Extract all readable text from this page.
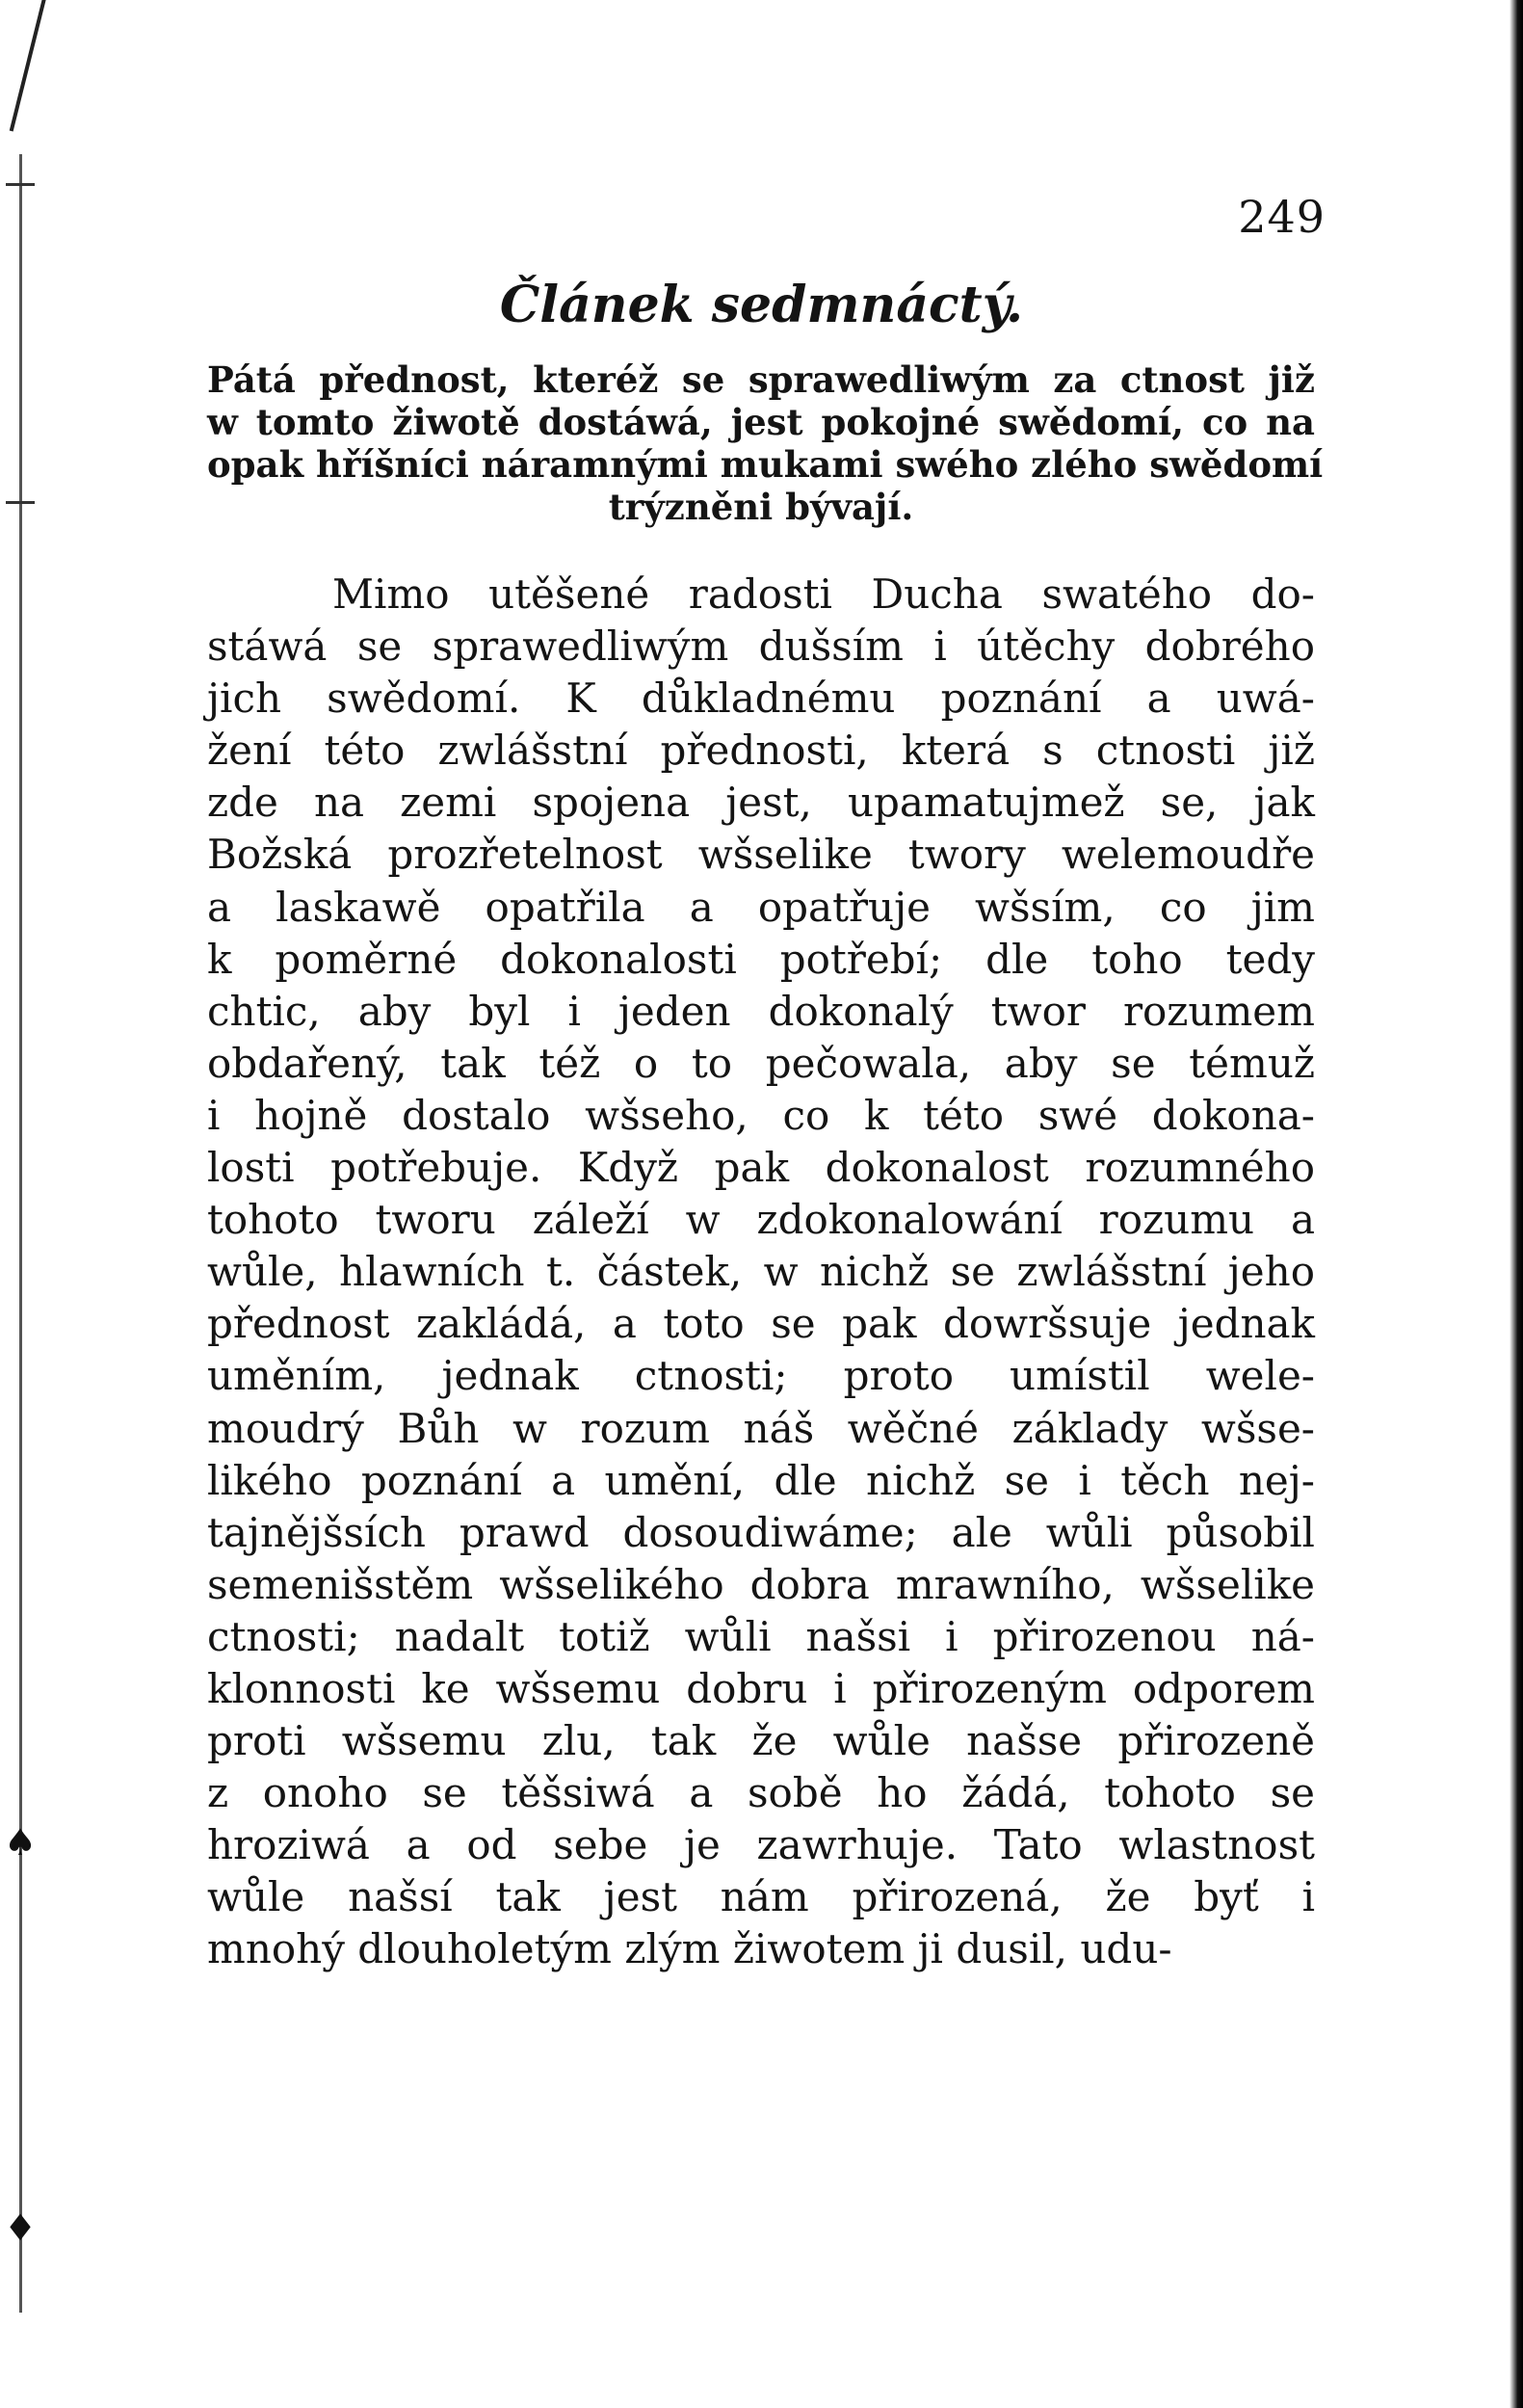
♠
♦
249
Článek sedmnáctý.
Pátá přednost, kteréž se sprawedliwým za ctnost již
w tomto žiwotě dostáwá, jest pokojné swědomí, co na
opak hříšníci náramnými mukami swého zlého swědomí
trýzněni bývají.
Mimo utěšené radosti Ducha swatého do-
stáwá se sprawedliwým dušsím i útěchy dobrého
jich swědomí. K důkladnému poznání a uwá-
žení této zwlášstní přednosti, která s ctnosti již
zde na zemi spojena jest, upamatujmež se, jak
Božská prozřetelnost wšselike twory welemoudře
a laskawě opatřila a opatřuje wšsím, co jim
k poměrné dokonalosti potřebí; dle toho tedy
chtic, aby byl i jeden dokonalý twor rozumem
obdařený, tak též o to pečowala, aby se témuž
i hojně dostalo wšseho, co k této swé dokona-
losti potřebuje. Když pak dokonalost rozumného
tohoto tworu záleží w zdokonalowání rozumu a
wůle, hlawních t. částek, w nichž se zwlášstní jeho
přednost zakládá, a toto se pak dowršsuje jednak
uměním, jednak ctnosti; proto umístil wele-
moudrý Bůh w rozum náš wěčné základy wšse-
likého poznání a umění, dle nichž se i těch nej-
tajnějšsích prawd dosoudiwáme; ale wůli působil
semenišstěm wšselikého dobra mrawního, wšselike
ctnosti; nadalt totiž wůli našsi i přirozenou ná-
klonnosti ke wšsemu dobru i přirozeným odporem
proti wšsemu zlu, tak že wůle našse přirozeně
z onoho se těšsiwá a sobě ho žádá, tohoto se
hroziwá a od sebe je zawrhuje. Tato wlastnost
wůle našsí tak jest nám přirozená, že byť i
mnohý dlouholetým zlým žiwotem ji dusil, udu-
